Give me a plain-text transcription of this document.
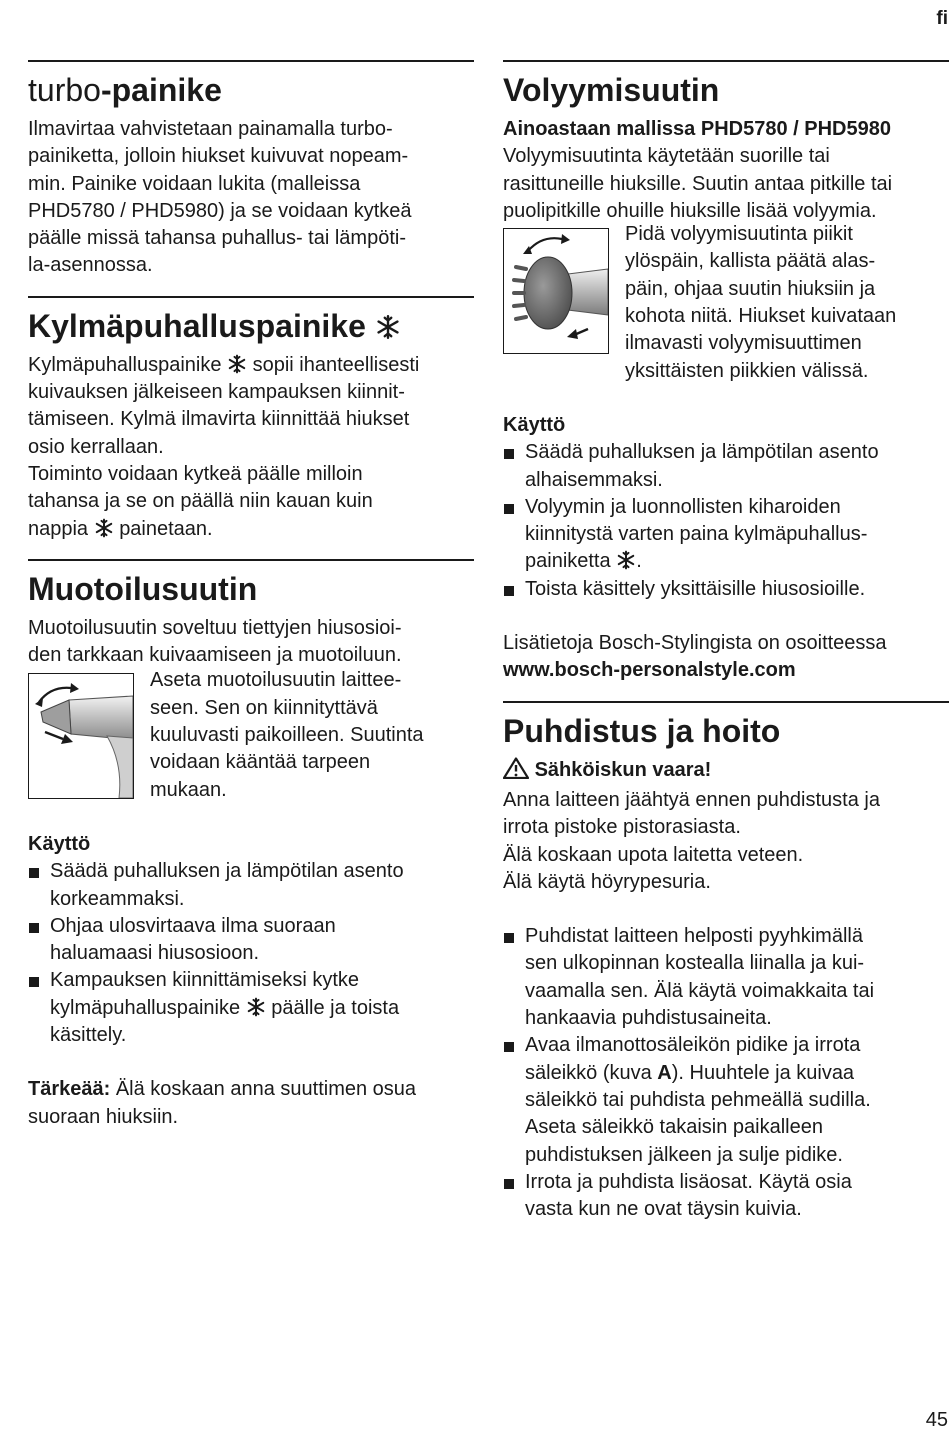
fi
turbo-painike

Ilmavirtaa vahvistetaan painamalla turbo-
painiketta, jolloin hiukset kuivuvat nopeam-
min. Painike voidaan lukita (malleissa
PHD5780 / PHD5980) ja se voidaan kytkeä
päälle missä tahansa puhallus- tai lämpöti-
la-asennossa.

Kylmäpuhalluspainike

Kylmäpuhalluspainike sopii ihanteellisesti
kuivauksen jälkeiseen kampauksen kiinnit-
tämiseen. Kylmä ilmavirta kiinnittää hiukset
osio kerrallaan.
Toiminto voidaan kytkeä päälle milloin
tahansa ja se on päällä niin kauan kuin
nappia painetaan.

Muotoilusuutin

Muotoilusuutin soveltuu tiettyjen hiusosioi-
den tarkkaan kuivaamiseen ja muotoiluun.

Aseta muotoilusuutin laittee-
seen. Sen on kiinnityttävä
kuuluvasti paikoilleen. Suutinta
voidaan kääntää tarpeen
mukaan.

Käyttö

Säädä puhalluksen ja lämpötilan asento
korkeammaksi.
Ohjaa ulosvirtaava ilma suoraan
haluamaasi hiusosioon.
Kampauksen kiinnittämiseksi kytke
kylmäpuhalluspainike päälle ja toista
käsittely.

Tärkeää: Älä koskaan anna suuttimen osua
suoraan hiuksiin.

Volyymisuutin

Ainoastaan mallissa PHD5780 / PHD5980
Volyymisuutinta käytetään suorille tai
rasittuneille hiuksille. Suutin antaa pitkille tai
puolipitkille ohuille hiuksille lisää volyymia.

Pidä volyymisuutinta piikit
ylöspäin, kallista päätä alas-
päin, ohjaa suutin hiuksiin ja
kohota niitä. Hiukset kuivataan
ilmavasti volyymisuuttimen
yksittäisten piikkien välissä.

Käyttö

Säädä puhalluksen ja lämpötilan asento
alhaisemmaksi.
Volyymin ja luonnollisten kiharoiden
kiinnitystä varten paina kylmäpuhallus-
painiketta .
Toista käsittely yksittäisille hiusosioille.

Lisätietoja Bosch-Stylingista on osoitteessa
www.bosch-personalstyle.com

Puhdistus ja hoito

Sähköiskun vaara!
Anna laitteen jäähtyä ennen puhdistusta ja
irrota pistoke pistorasiasta.
Älä koskaan upota laitetta veteen.
Älä käytä höyrypesuria.

Puhdistat laitteen helposti pyyhkimällä
sen ulkopinnan kostealla liinalla ja kui-
vaamalla sen. Älä käytä voimakkaita tai
hankaavia puhdistusaineita.
Avaa ilmanottosäleikön pidike ja irrota
säleikkö (kuva A). Huuhtele ja kuivaa
säleikkö tai puhdista pehmeällä sudilla.
Aseta säleikkö takaisin paikalleen
puhdistuksen jälkeen ja sulje pidike.
Irrota ja puhdista lisäosat. Käytä osia
vasta kun ne ovat täysin kuivia.
45
